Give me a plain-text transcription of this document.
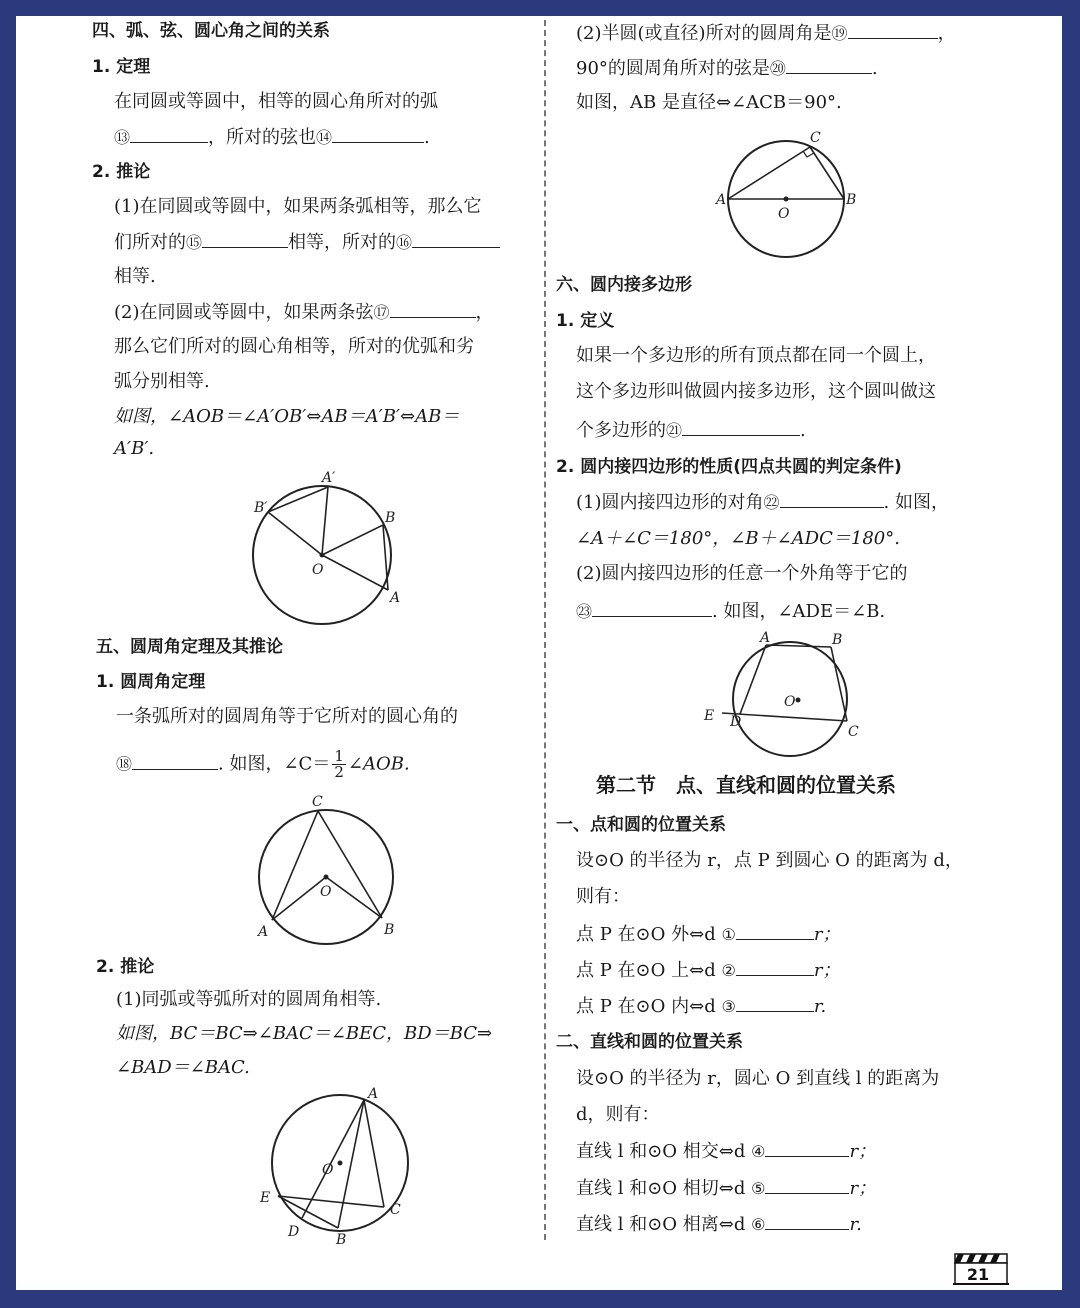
四、弧、弦、圆心角之间的关系
1. 定理
在同圆或等圆中，相等的圆心角所对的弧
⑬	，所对的弦也⑭	.
2. 推论
(1)在同圆或等圆中，如果两条弧相等，那么它
们所对的⑮	相等，所对的⑯
相等.
(2)在同圆或等圆中，如果两条弦⑰	，
那么它们所对的圆心角相等，所对的优弧和劣
弧分别相等.
如图，∠AOB＝∠A′OB′⇔AB＝A′B′⇔AB＝
A′B′.
A′
B′
B
A
O
五、圆周角定理及其推论
1. 圆周角定理
一条弧所对的圆周角等于它所对的圆心角的
⑱	. 如图，∠C＝ $\frac{1}{2}$ ∠AOB.
C
O
A	B
2. 推论
(1)同弧或等弧所对的圆周角相等.
如图，BC＝BC⇒∠BAC＝∠BEC，BD＝BC⇒
∠BAD＝∠BAC.
A
O
E
C
D	B
(2)半圆(或直径)所对的圆周角是⑲	，
90°的圆周角所对的弦是⑳	.
如图，AB 是直径⇔∠ACB＝90°.
C
A
O
B
六、圆内接多边形
1. 定义
如果一个多边形的所有顶点都在同一个圆上，
这个多边形叫做圆内接多边形，这个圆叫做这
个多边形的㉑	.
2. 圆内接四边形的性质(四点共圆的判定条件)
(1)圆内接四边形的对角㉒	. 如图，
∠A＋∠C＝180°，∠B＋∠ADC＝180°.
(2)圆内接四边形的任意一个外角等于它的
㉓	. 如图，∠ADE＝∠B.
A	B
O
E D
C
第二节　点、直线和圆的位置关系
一、点和圆的位置关系
设⊙O 的半径为 r，点 P 到圆心 O 的距离为 d，
则有：
点 P 在⊙O 外⇔d ①	r；
点 P 在⊙O 上⇔d ②	r；
点 P 在⊙O 内⇔d ③	r.
二、直线和圆的位置关系
设⊙O 的半径为 r，圆心 O 到直线 l 的距离为
d，则有：
直线 l 和⊙O 相交⇔d ④	r；
直线 l 和⊙O 相切⇔d ⑤	r；
直线 l 和⊙O 相离⇔d ⑥	r.
21
